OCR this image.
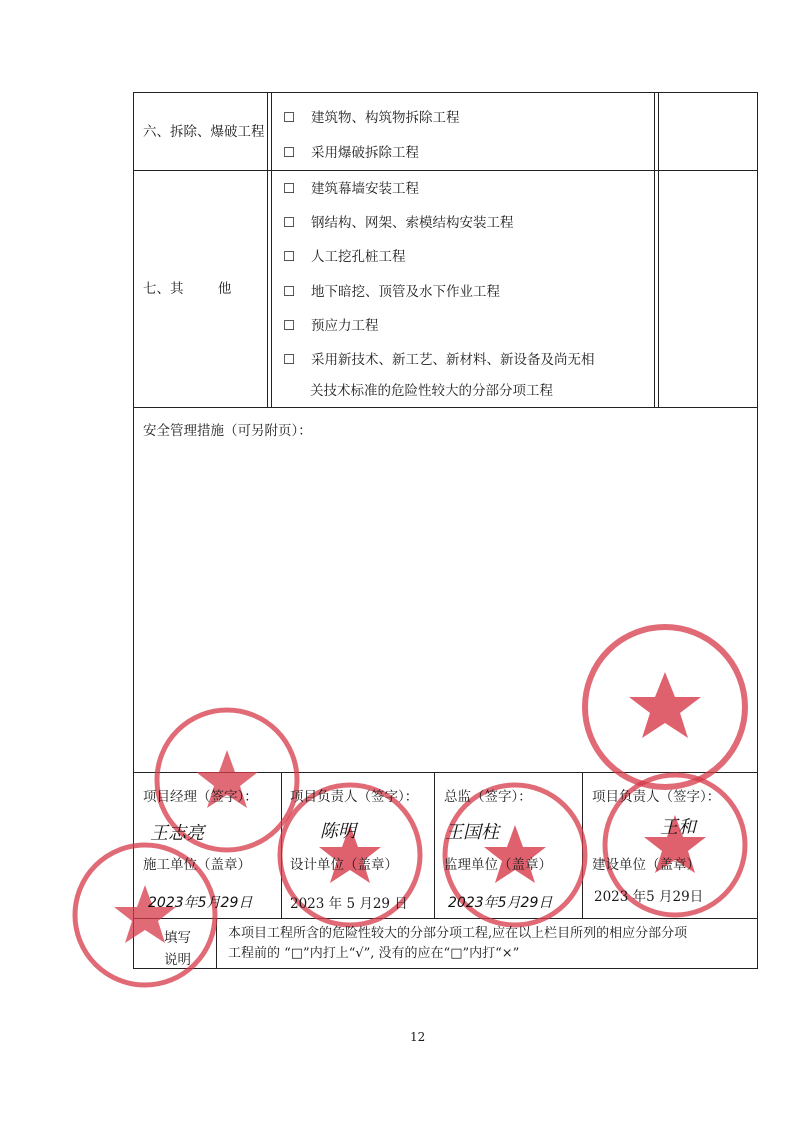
六、拆除、爆破工程
☐ 建筑物、构筑物拆除工程
☐ 采用爆破拆除工程
七、其        他
☐ 建筑幕墙安装工程
☐ 钢结构、网架、索模结构安装工程
☐ 人工挖孔桩工程
☐ 地下暗挖、顶管及水下作业工程
☐ 预应力工程
☐ 采用新技术、新工艺、新材料、新设备及尚无相
关技术标准的危险性较大的分部分项工程
安全管理措施（可另附页）：
项目经理（签字）：
王志亮
施工单位（盖章）
2023年5月29日
项目负责人（签字）：
陈明
设计单位（盖章）
2023 年 5 月29 日
总监（签字）：
王国柱
监理单位（盖章）
2023年5月29日
项目负责人（签字）：
王和
建设单位（盖章）
2023 年5 月29日
填写
说明
本项目工程所含的危险性较大的分部分项工程,应在以上栏目所列的相应分部分项
工程前的 “□”内打上“√”, 没有的应在“□”内打“×”
12
